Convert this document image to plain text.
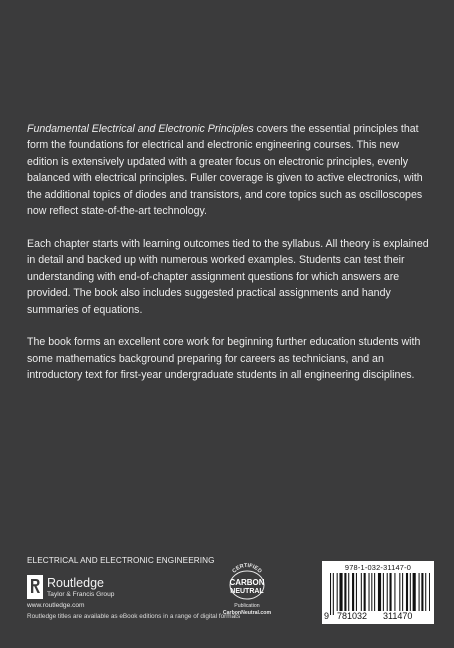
Fundamental Electrical and Electronic Principles covers the essential principles that form the foundations for electrical and electronic engineering courses. This new edition is extensively updated with a greater focus on electronic principles, evenly balanced with electrical principles. Fuller coverage is given to active electronics, with the additional topics of diodes and transistors, and core topics such as oscilloscopes now reflect state-of-the-art technology.

Each chapter starts with learning outcomes tied to the syllabus. All theory is explained in detail and backed up with numerous worked examples. Students can test their understanding with end-of-chapter assignment questions for which answers are provided. The book also includes suggested practical assignments and handy summaries of equations.

The book forms an excellent core work for beginning further education students with some mathematics background preparing for careers as technicians, and an introductory text for first-year undergraduate students in all engineering disciplines.

ELECTRICAL AND ELECTRONIC ENGINEERING
Routledge
Taylor & Francis Group
www.routledge.com
Routledge titles are available as eBook editions in a range of digital formats
CERTIFIED
CARBON
NEUTRAL
Publication
CarbonNeutral.com
978-1-032-31147-0
9 781032 311470
